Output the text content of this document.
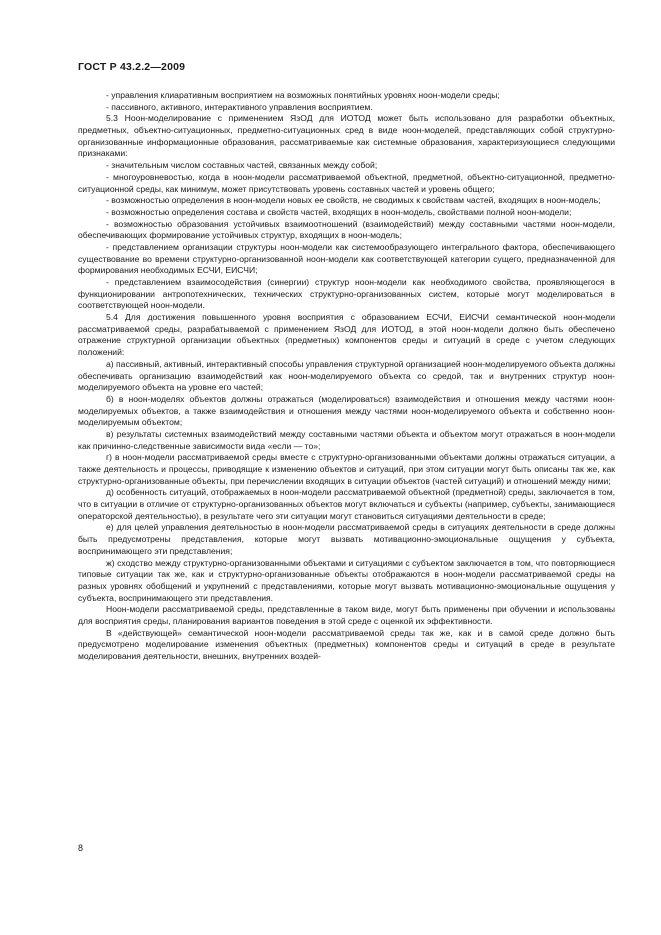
ГОСТ Р 43.2.2—2009

- управления клиаративным восприятием на возможных понятийных уровнях ноон-модели среды;

- пассивного, активного, интерактивного управления восприятием.

5.3 Ноон-моделирование с применением ЯзОД для ИОТОД может быть использовано для разработки объектных, предметных, объектно-ситуационных, предметно-ситуационных сред в виде ноон-моделей, представляющих собой структурно-организованные информационные образования, рассматриваемые как системные образования, характеризующиеся следующими признаками:

- значительным числом составных частей, связанных между собой;

- многоуровневостью, когда в ноон-модели рассматриваемой объектной, предметной, объектно-ситуационной, предметно-ситуационной среды, как минимум, может присутствовать уровень составных частей и уровень общего;

- возможностью определения в ноон-модели новых ее свойств, не сводимых к свойствам частей, входящих в ноон-модель;

- возможностью определения состава и свойств частей, входящих в ноон-модель, свойствами полной ноон-модели;

- возможностью образования устойчивых взаимоотношений (взаимодействий) между составными частями ноон-модели, обеспечивающих формирование устойчивых структур, входящих в ноон-модель;

- представлением организации структуры ноон-модели как системообразующего интегрального фактора, обеспечивающего существование во времени структурно-организованной ноон-модели как соответствующей категории сущего, предназначенной для формирования необходимых ЕСЧИ, ЕИСЧИ;

- представлением взаимосодействия (синергии) структур ноон-модели как необходимого свойства, проявляющегося в функционировании антропотехнических, технических структурно-организованных систем, которые могут моделироваться в соответствующей ноон-модели.

5.4 Для достижения повышенного уровня восприятия с образованием ЕСЧИ, ЕИСЧИ семантической ноон-модели рассматриваемой среды, разрабатываемой с применением ЯзОД для ИОТОД, в этой ноон-модели должно быть обеспечено отражение структурной организации объектных (предметных) компонентов среды и ситуаций в среде с учетом следующих положений:

а) пассивный, активный, интерактивный способы управления структурной организацией ноон-моделируемого объекта должны обеспечивать организацию взаимодействий как ноон-моделируемого объекта со средой, так и внутренних структур ноон-моделируемого объекта на уровне его частей;

б) в ноон-моделях объектов должны отражаться (моделироваться) взаимодействия и отношения между частями ноон-моделируемых объектов, а также взаимодействия и отношения между частями ноон-моделируемого объекта и собственно ноон-моделируемым объектом;

в) результаты системных взаимодействий между составными частями объекта и объектом могут отражаться в ноон-модели как причинно-следственные зависимости вида «если — то»;

г) в ноон-модели рассматриваемой среды вместе с структурно-организованными объектами должны отражаться ситуации, а также деятельность и процессы, приводящие к изменению объектов и ситуаций, при этом ситуации могут быть описаны так же, как структурно-организованные объекты, при перечислении входящих в ситуации объектов (частей ситуаций) и отношений между ними;

д) особенность ситуаций, отображаемых в ноон-модели рассматриваемой объектной (предметной) среды, заключается в том, что в ситуации в отличие от структурно-организованных объектов могут включаться и субъекты (например, субъекты, занимающиеся операторской деятельностью), в результате чего эти ситуации могут становиться ситуациями деятельности в среде;

е) для целей управления деятельностью в ноон-модели рассматриваемой среды в ситуациях деятельности в среде должны быть предусмотрены представления, которые могут вызвать мотивационно-эмоциональные ощущения у субъекта, воспринимающего эти представления;

ж) сходство между структурно-организованными объектами и ситуациями с субъектом заключается в том, что повторяющиеся типовые ситуации так же, как и структурно-организованные объекты отображаются в ноон-модели рассматриваемой среды на разных уровнях обобщений и укрупнений с представлениями, которые могут вызвать мотивационно-эмоциональные ощущения у субъекта, воспринимающего эти представления.

Ноон-модели рассматриваемой среды, представленные в таком виде, могут быть применены при обучении и использованы для восприятия среды, планирования вариантов поведения в этой среде с оценкой их эффективности.

В «действующей» семантической ноон-модели рассматриваемой среды так же, как и в самой среде должно быть предусмотрено моделирование изменения объектных (предметных) компонентов среды и ситуаций в среде в результате моделирования деятельности, внешних, внутренних воздей-

8
